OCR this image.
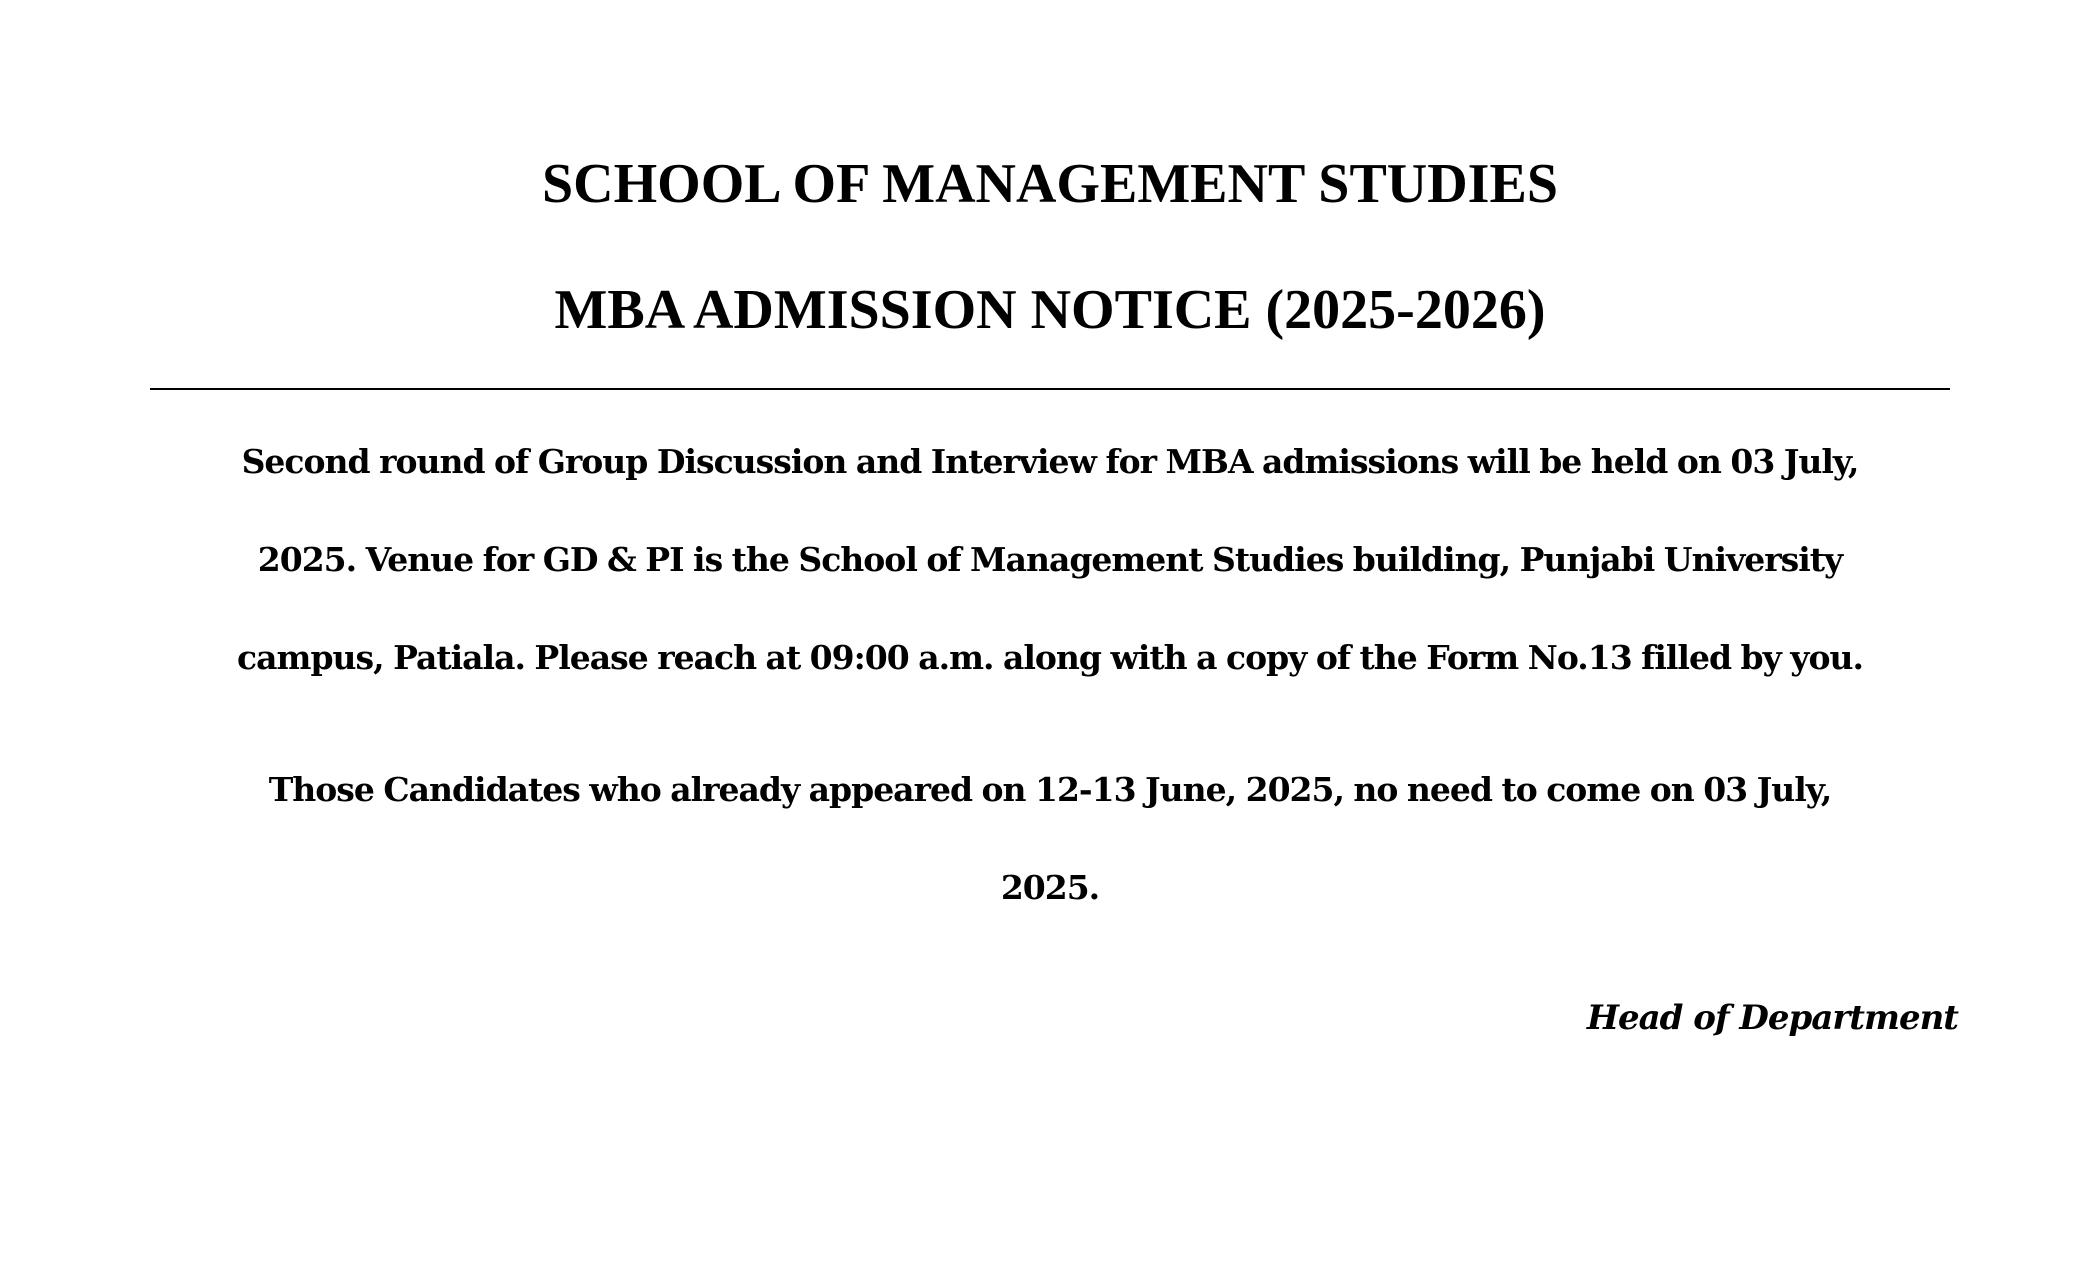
SCHOOL OF MANAGEMENT STUDIES
MBA ADMISSION NOTICE (2025-2026)

Second round of Group Discussion and Interview for MBA admissions will be held on 03 July,

2025. Venue for GD & PI is the School of Management Studies building, Punjabi University

campus, Patiala. Please reach at 09:00 a.m. along with a copy of the Form No.13 filled by you.

Those Candidates who already appeared on 12-13 June, 2025, no need to come on 03 July,

2025.

Head of Department
